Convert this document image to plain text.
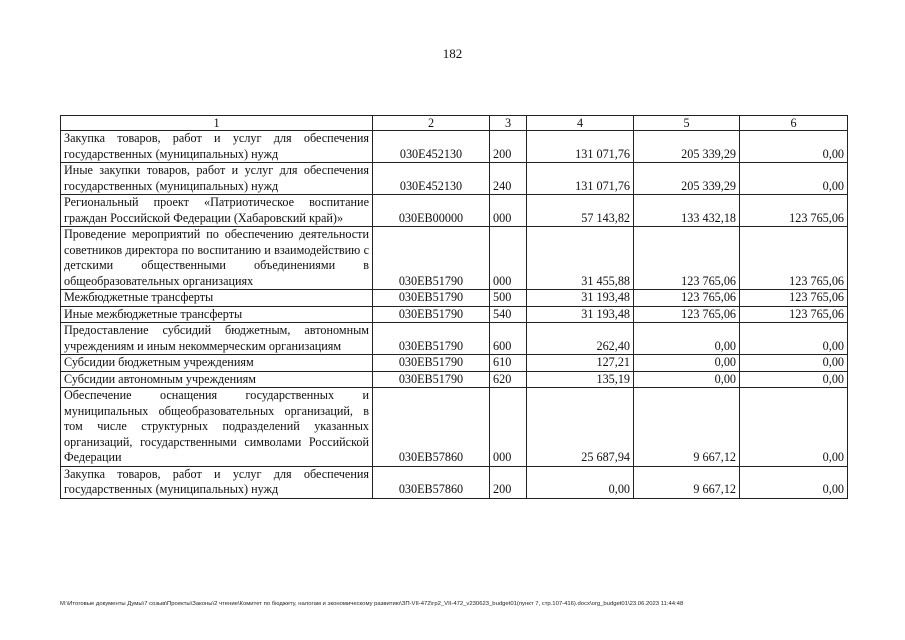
182
1	2	3	4	5	6
Закупка товаров, работ и услуг для обеспечения государственных (муниципальных) нужд	030E452130	200	131 071,76	205 339,29	0,00
Иные закупки товаров, работ и услуг для обеспечения государственных (муниципальных) нужд	030E452130	240	131 071,76	205 339,29	0,00
Региональный проект «Патриотическое воспитание граждан Российской Федерации (Хабаровский край)»	030EB00000	000	57 143,82	133 432,18	123 765,06
Проведение мероприятий по обеспечению деятельности советников директора по воспитанию и взаимодействию с детскими общественными объединениями в общеобразовательных организациях	030EB51790	000	31 455,88	123 765,06	123 765,06
Межбюджетные трансферты	030EB51790	500	31 193,48	123 765,06	123 765,06
Иные межбюджетные трансферты	030EB51790	540	31 193,48	123 765,06	123 765,06
Предоставление субсидий бюджетным, автономным учреждениям и иным некоммерческим организациям	030EB51790	600	262,40	0,00	0,00
Субсидии бюджетным учреждениям	030EB51790	610	127,21	0,00	0,00
Субсидии автономным учреждениям	030EB51790	620	135,19	0,00	0,00
Обеспечение оснащения государственных и муниципальных общеобразовательных организаций, в том числе структурных подразделений указанных организаций, государственными символами Российской Федерации	030EB57860	000	25 687,94	9 667,12	0,00
Закупка товаров, работ и услуг для обеспечения государственных (муниципальных) нужд	030EB57860	200	0,00	9 667,12	0,00
М:\Итоговые документы Думы\7 созыв\Проекты\Законы\2 чтение\Комитет по бюджету, налогам и экономическому развитию\ЗП-VII-472\гр2_VII-472_v230623_budget01(пункт 7, стр.107-416).docx\org_budget01\23.06.2023 11:44:48
